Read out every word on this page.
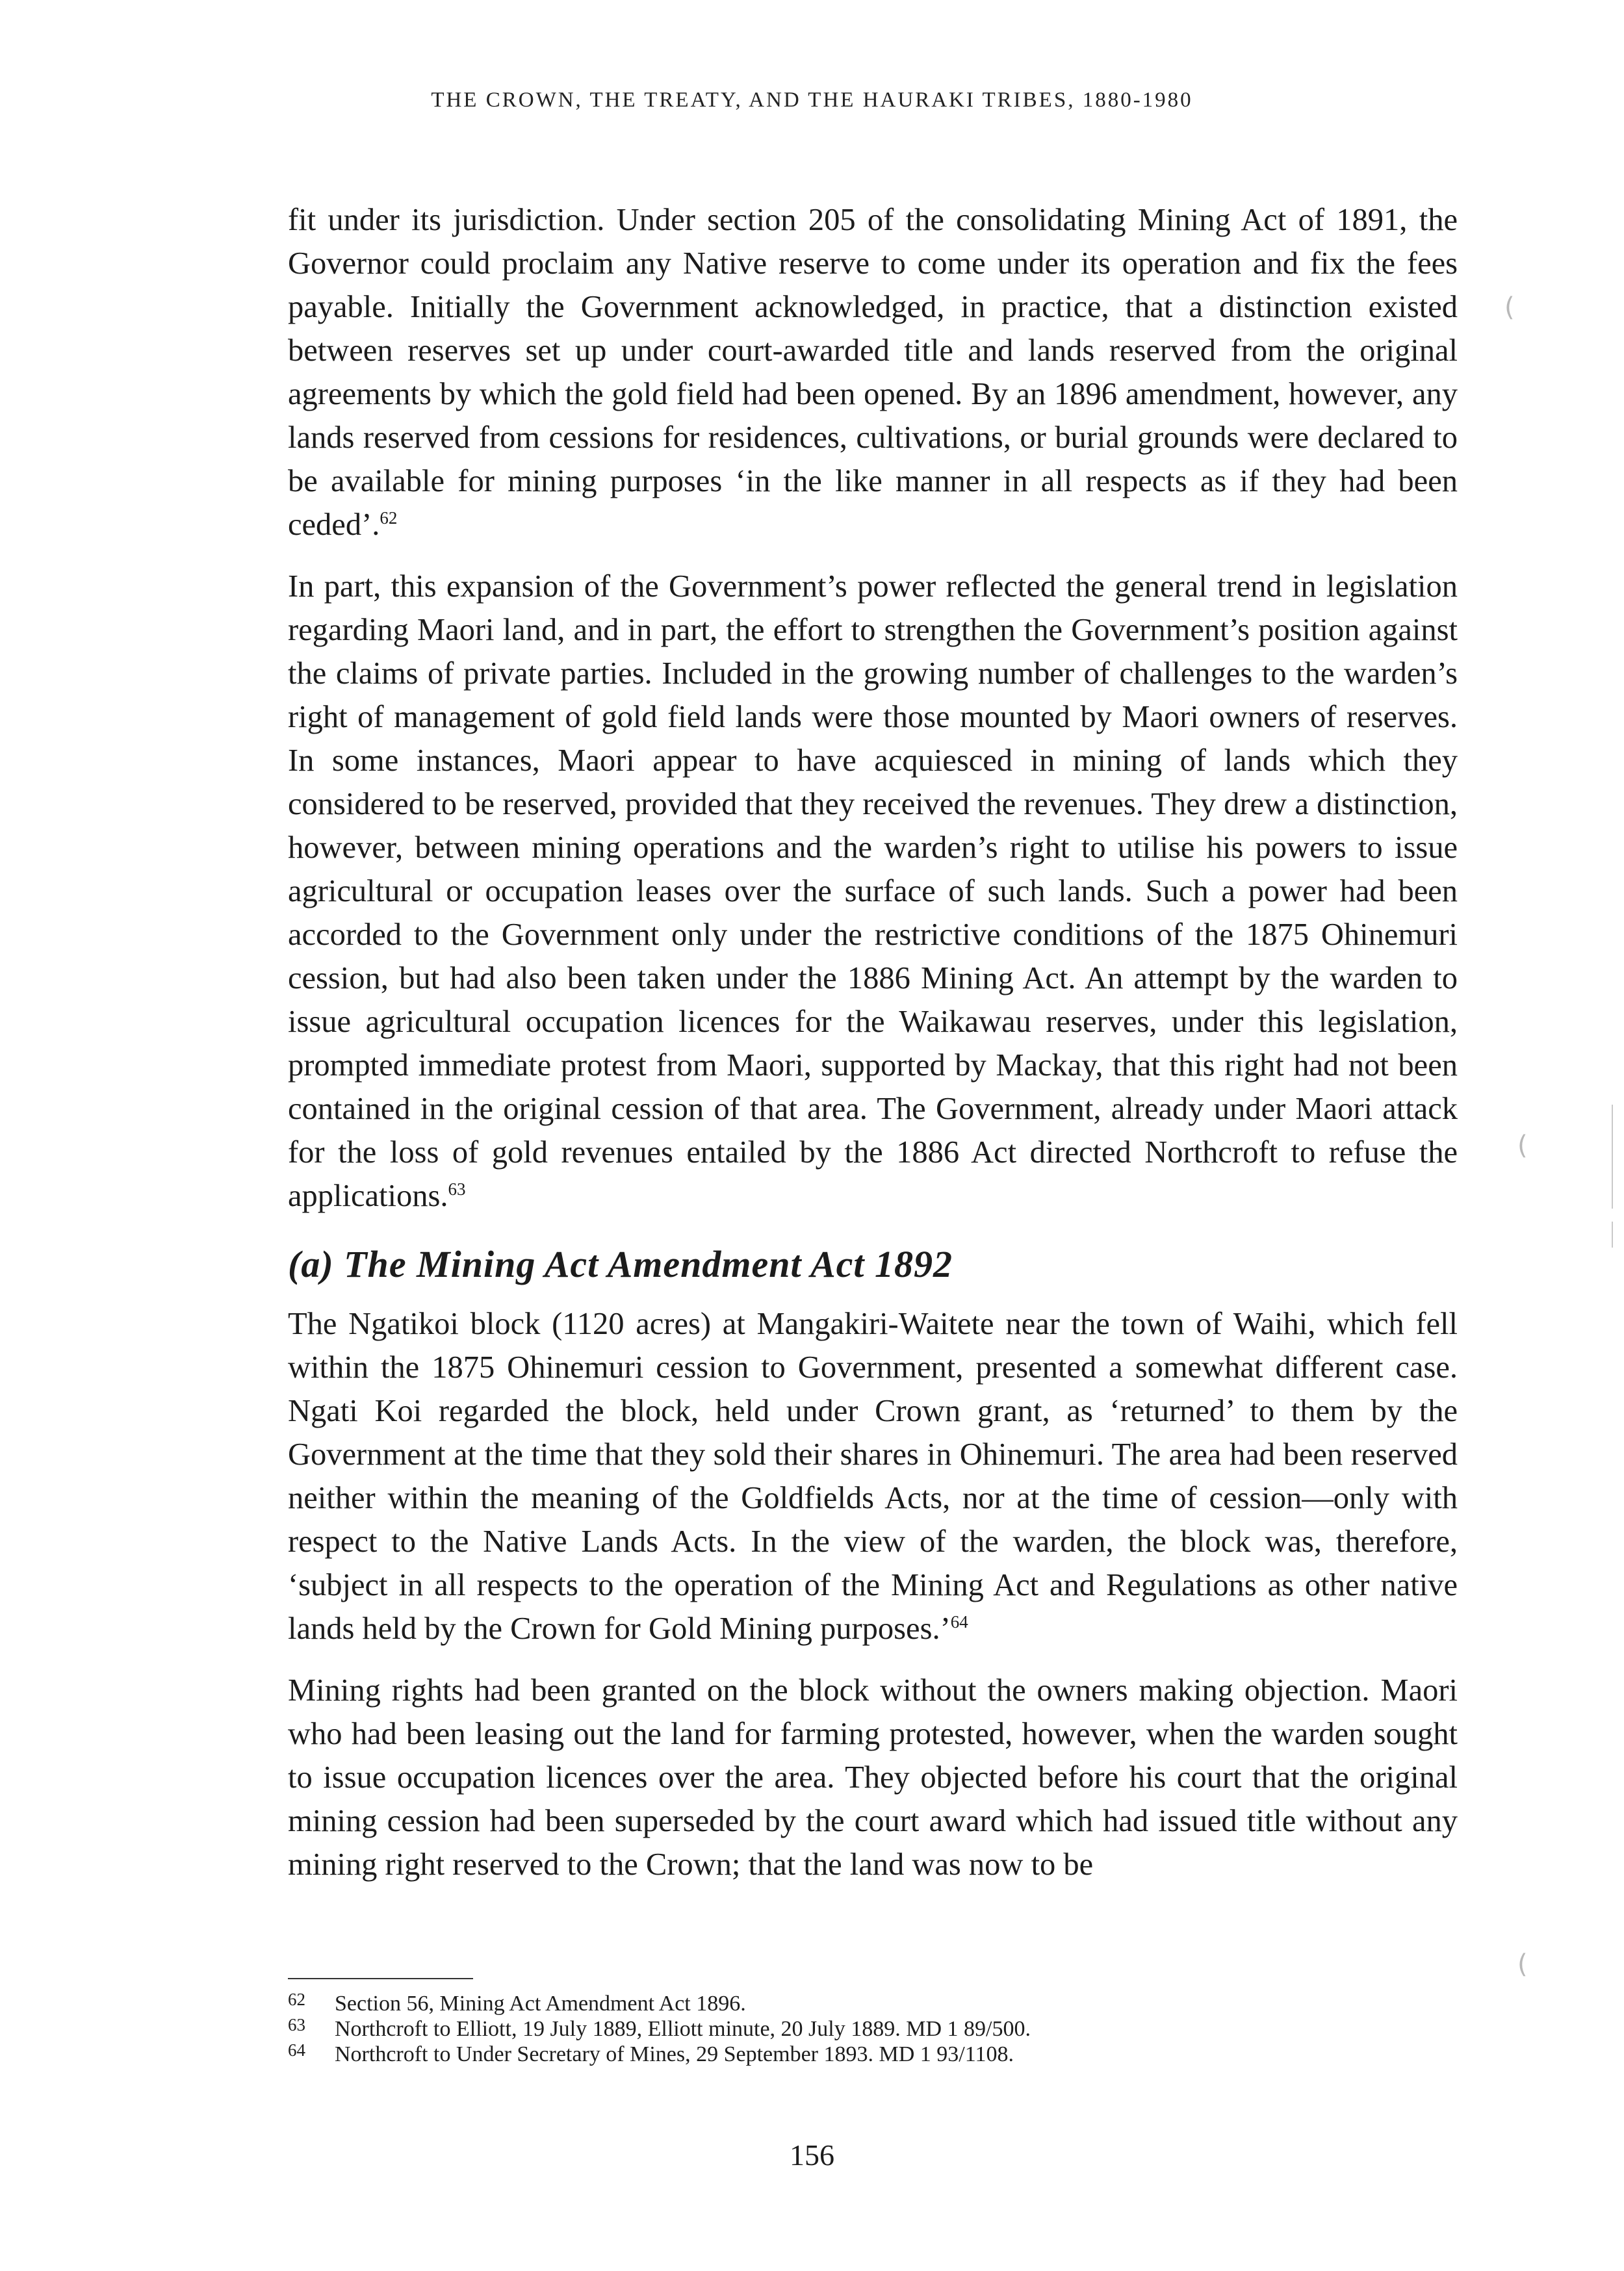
THE CROWN, THE TREATY, AND THE HAURAKI TRIBES, 1880-1980

fit under its jurisdiction. Under section 205 of the consolidating Mining Act of 1891, the Governor could proclaim any Native reserve to come under its operation and fix the fees payable. Initially the Government acknowledged, in practice, that a distinction existed between reserves set up under court-awarded title and lands reserved from the original agreements by which the gold field had been opened. By an 1896 amendment, however, any lands reserved from cessions for residences, cultivations, or burial grounds were declared to be available for mining purposes ‘in the like manner in all respects as if they had been ceded’.$^{62}$

In part, this expansion of the Government’s power reflected the general trend in legislation regarding Maori land, and in part, the effort to strengthen the Government’s position against the claims of private parties. Included in the growing number of challenges to the warden’s right of management of gold field lands were those mounted by Maori owners of reserves. In some instances, Maori appear to have acquiesced in mining of lands which they considered to be reserved, provided that they received the revenues. They drew a distinction, however, between mining operations and the warden’s right to utilise his powers to issue agricultural or occupation leases over the surface of such lands. Such a power had been accorded to the Government only under the restrictive conditions of the 1875 Ohinemuri cession, but had also been taken under the 1886 Mining Act. An attempt by the warden to issue agricultural occupation licences for the Waikawau reserves, under this legislation, prompted immediate protest from Maori, supported by Mackay, that this right had not been contained in the original cession of that area. The Government, already under Maori attack for the loss of gold revenues entailed by the 1886 Act directed Northcroft to refuse the applications.$^{63}$

(a) The Mining Act Amendment Act 1892

The Ngatikoi block (1120 acres) at Mangakiri-Waitete near the town of Waihi, which fell within the 1875 Ohinemuri cession to Government, presented a somewhat different case. Ngati Koi regarded the block, held under Crown grant, as ‘returned’ to them by the Government at the time that they sold their shares in Ohinemuri. The area had been reserved neither within the meaning of the Goldfields Acts, nor at the time of cession—only with respect to the Native Lands Acts. In the view of the warden, the block was, therefore, ‘subject in all respects to the operation of the Mining Act and Regulations as other native lands held by the Crown for Gold Mining purposes.’$^{64}$

Mining rights had been granted on the block without the owners making objection. Maori who had been leasing out the land for farming protested, however, when the warden sought to issue occupation licences over the area. They objected before his court that the original mining cession had been superseded by the court award which had issued title without any mining right reserved to the Crown; that the land was now to be

62	Section 56, Mining Act Amendment Act 1896.
63	Northcroft to Elliott, 19 July 1889, Elliott minute, 20 July 1889. MD 1 89/500.
64	Northcroft to Under Secretary of Mines, 29 September 1893. MD 1 93/1108.
156
(
(
(
